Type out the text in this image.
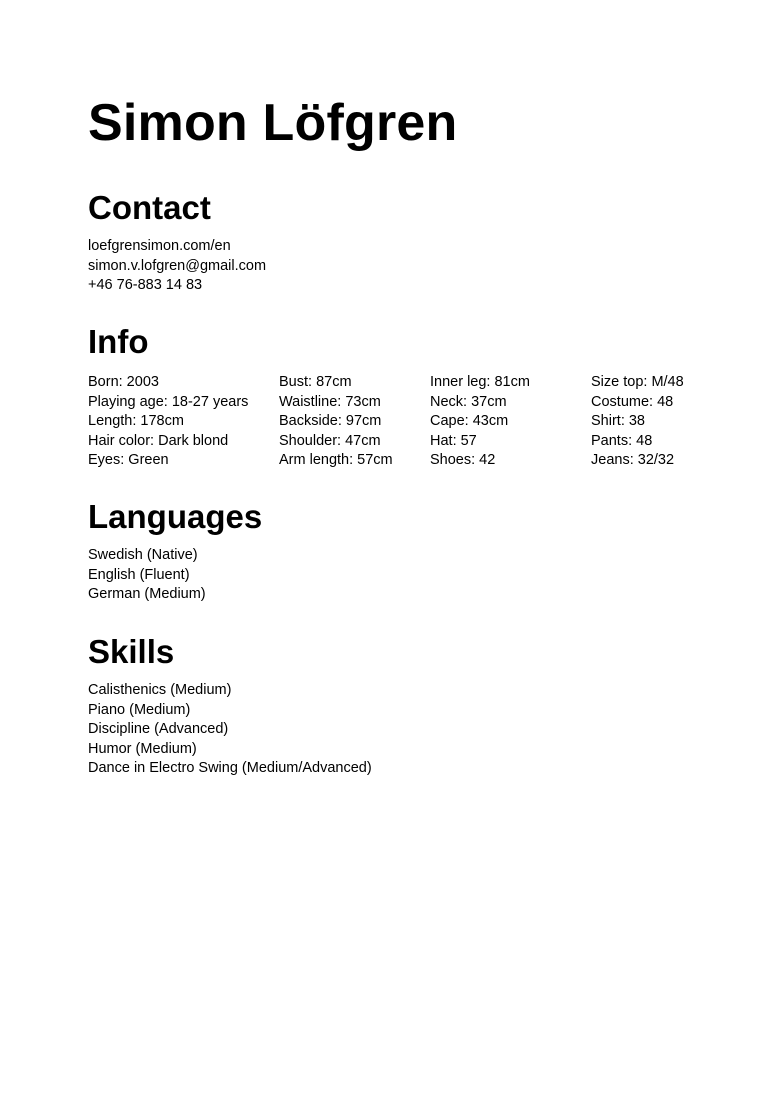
Simon Löfgren
Contact
loefgrensimon.com/en
simon.v.lofgren@gmail.com
+46 76-883 14 83
Info
Born: 2003
Playing age: 18-27 years
Length: 178cm
Hair color: Dark blond
Eyes: Green
Bust: 87cm
Waistline: 73cm
Backside: 97cm
Shoulder: 47cm
Arm length: 57cm
Inner leg: 81cm
Neck: 37cm
Cape: 43cm
Hat: 57
Shoes: 42
Size top: M/48
Costume: 48
Shirt: 38
Pants: 48
Jeans: 32/32
Languages
Swedish (Native)
English (Fluent)
German (Medium)
Skills
Calisthenics (Medium)
Piano (Medium)
Discipline (Advanced)
Humor (Medium)
Dance in Electro Swing (Medium/Advanced)
